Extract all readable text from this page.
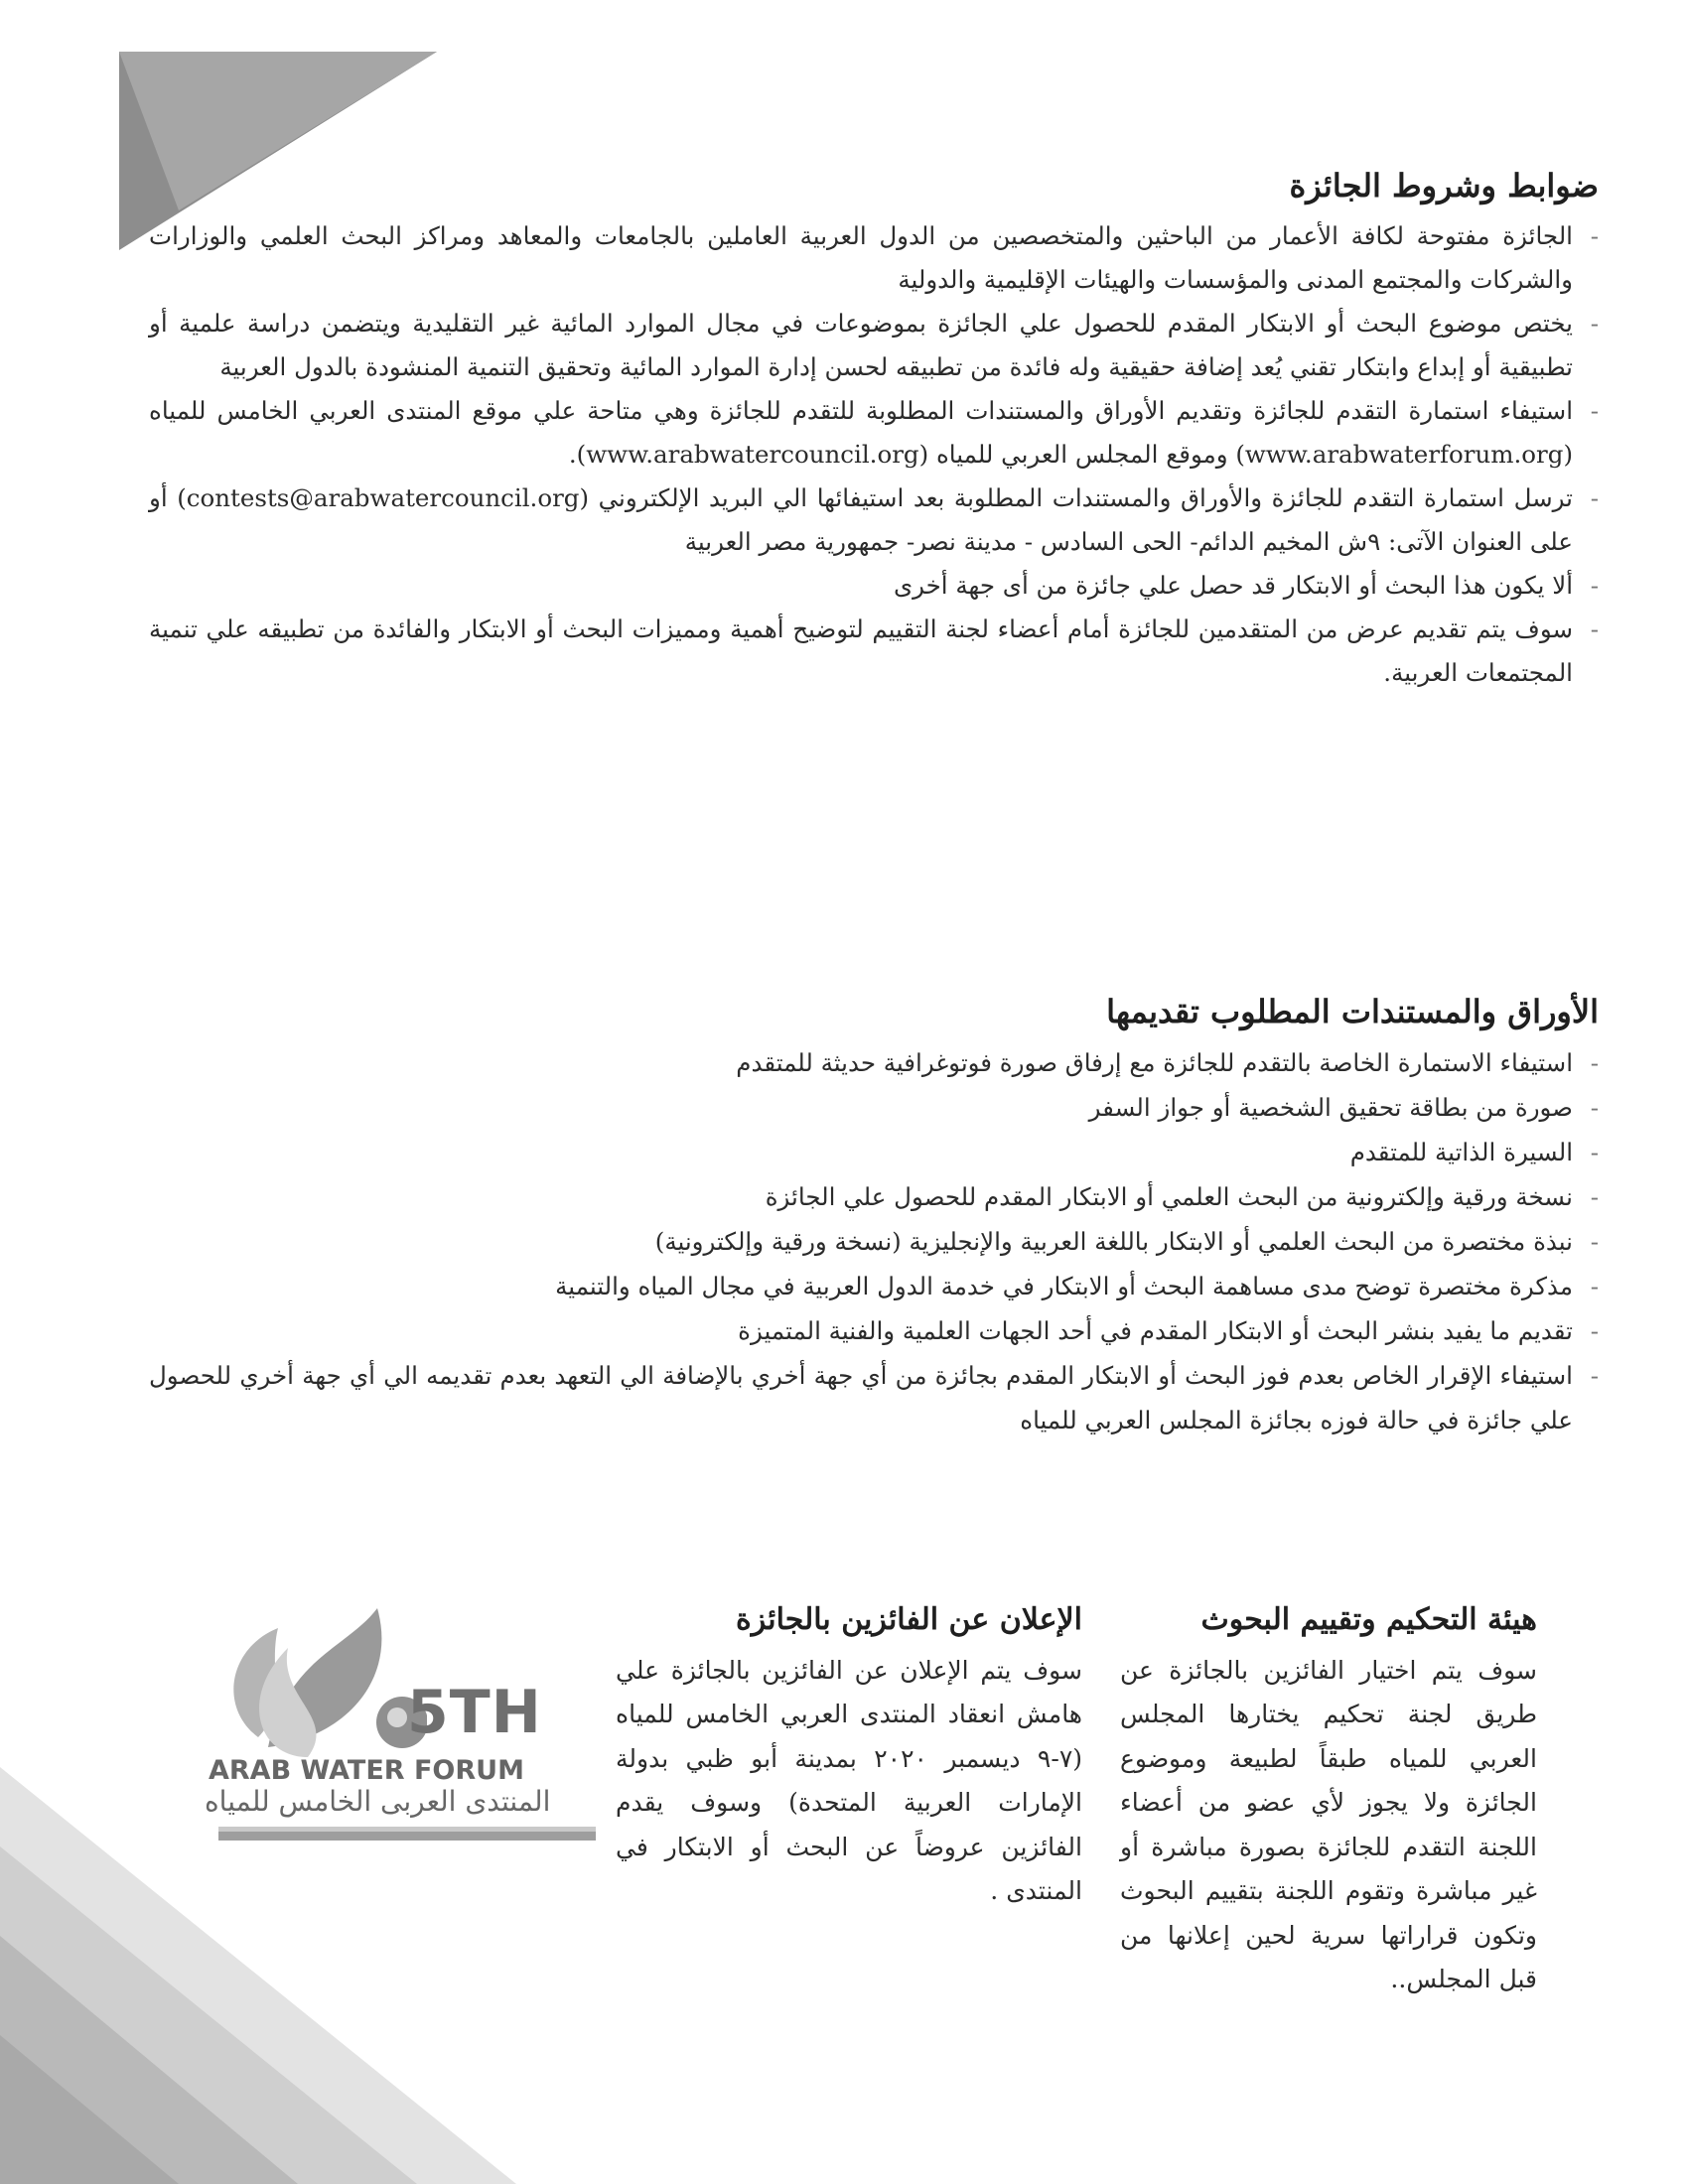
ضوابط وشروط الجائزة
- الجائزة مفتوحة لكافة الأعمار من الباحثين والمتخصصين من الدول العربية العاملين بالجامعات والمعاهد ومراكز البحث العلمي والوزارات والشركات والمجتمع المدنى والمؤسسات والهيئات الإقليمية والدولية
- يختص موضوع البحث أو الابتكار المقدم للحصول علي الجائزة بموضوعات في مجال الموارد المائية غير التقليدية ويتضمن دراسة علمية أو تطبيقية أو إبداع وابتكار تقني يُعد إضافة حقيقية وله فائدة من تطبيقه لحسن إدارة الموارد المائية وتحقيق التنمية المنشودة بالدول العربية
- استيفاء استمارة التقدم للجائزة وتقديم الأوراق والمستندات المطلوبة للتقدم للجائزة وهي متاحة علي موقع المنتدى العربي الخامس للمياه (www.arabwaterforum.org) وموقع المجلس العربي للمياه (www.arabwatercouncil.org).
- ترسل استمارة التقدم للجائزة والأوراق والمستندات المطلوبة بعد استيفائها الي البريد الإلكتروني (contests@arabwatercouncil.org) أو على العنوان الآتى: ٩ش المخيم الدائم- الحى السادس - مدينة نصر- جمهورية مصر العربية
- ألا يكون هذا البحث أو الابتكار قد حصل علي جائزة من أى جهة أخرى
- سوف يتم تقديم عرض من المتقدمين للجائزة أمام أعضاء لجنة التقييم لتوضيح أهمية ومميزات البحث أو الابتكار والفائدة من تطبيقه علي تنمية المجتمعات العربية.
الأوراق والمستندات المطلوب تقديمها
- استيفاء الاستمارة الخاصة بالتقدم للجائزة مع إرفاق صورة فوتوغرافية حديثة للمتقدم
- صورة من بطاقة تحقيق الشخصية أو جواز السفر
- السيرة الذاتية للمتقدم
- نسخة ورقية وإلكترونية من البحث العلمي أو الابتكار المقدم للحصول علي الجائزة
- نبذة مختصرة من البحث العلمي أو الابتكار باللغة العربية والإنجليزية (نسخة ورقية وإلكترونية)
- مذكرة مختصرة توضح مدى مساهمة البحث أو الابتكار في خدمة الدول العربية في مجال المياه والتنمية
- تقديم ما يفيد بنشر البحث أو الابتكار المقدم في أحد الجهات العلمية والفنية المتميزة
- استيفاء الإقرار الخاص بعدم فوز البحث أو الابتكار المقدم بجائزة من أي جهة أخري بالإضافة الي التعهد بعدم تقديمه الي أي جهة أخري للحصول علي جائزة في حالة فوزه بجائزة المجلس العربي للمياه
هيئة التحكيم وتقييم البحوث
سوف يتم اختيار الفائزين بالجائزة عن طريق لجنة تحكيم يختارها المجلس العربي للمياه طبقاً لطبيعة وموضوع الجائزة ولا يجوز لأي عضو من أعضاء اللجنة التقدم للجائزة بصورة مباشرة أو غير مباشرة وتقوم اللجنة بتقييم البحوث وتكون قراراتها سرية لحين إعلانها من قبل المجلس..
الإعلان عن الفائزين بالجائزة
سوف يتم الإعلان عن الفائزين بالجائزة علي هامش انعقاد المنتدى العربي الخامس للمياه (٧-٩ ديسمبر ٢٠٢٠ بمدينة أبو ظبي بدولة الإمارات العربية المتحدة) وسوف يقدم الفائزين عروضاً عن البحث أو الابتكار في المنتدى .
5TH
ARAB WATER FORUM
المنتدى العربى الخامس للمياه
